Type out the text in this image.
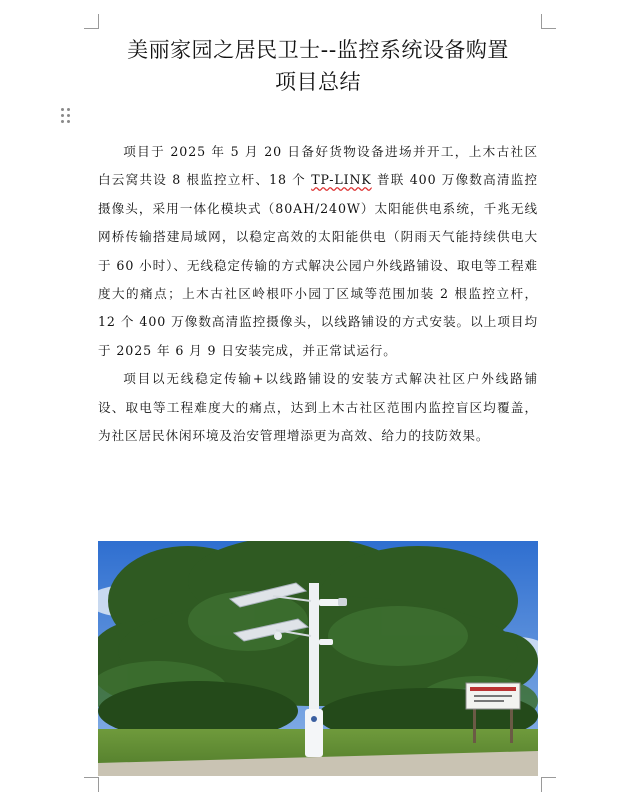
美丽家园之居民卫士--监控系统设备购置
项目总结

项目于 2025 年 5 月 20 日备好货物设备进场并开工，上木古社区白云窝共设 8 根监控立杆、18 个 TP-LINK 普联 400 万像数高清监控摄像头，采用一体化模块式（80AH/240W）太阳能供电系统，千兆无线网桥传输搭建局域网，以稳定高效的太阳能供电（阴雨天气能持续供电大于 60 小时）、无线稳定传输的方式解决公园户外线路铺设、取电等工程难度大的痛点；上木古社区岭根吓小园丁区域等范围加装 2 根监控立杆，12 个 400 万像数高清监控摄像头，以线路铺设的方式安装。以上项目均于 2025 年 6 月 9 日安装完成，并正常试运行。

项目以无线稳定传输+以线路铺设的安装方式解决社区户外线路铺设、取电等工程难度大的痛点，达到上木古社区范围内监控盲区均覆盖，为社区居民休闲环境及治安管理增添更为高效、给力的技防效果。
